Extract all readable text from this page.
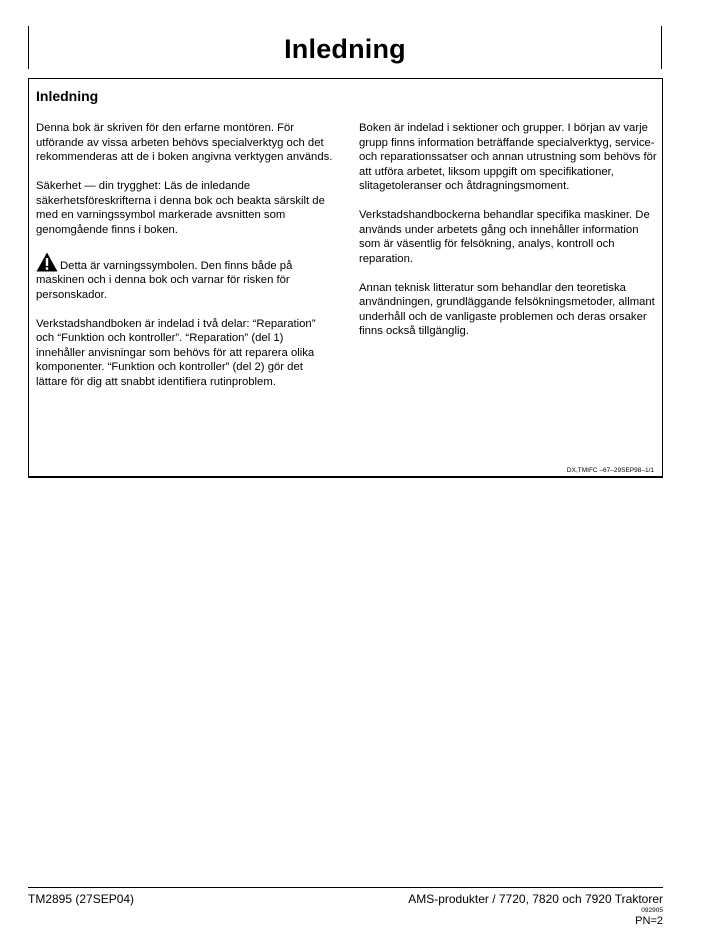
Inledning
Inledning

Denna bok är skriven för den erfarne montören. För utförande av vissa arbeten behövs specialverktyg och det rekommenderas att de i boken angivna verktygen används.

Säkerhet — din trygghet: Läs de inledande säkerhetsföreskrifterna i denna bok och beakta särskilt de med en varningssymbol markerade avsnitten som genomgående finns i boken.

Detta är varningssymbolen. Den finns både på maskinen och i denna bok och varnar för risken för personskador.

Verkstadshandboken är indelad i två delar: “Reparation” och “Funktion och kontroller”. “Reparation” (del 1) innehåller anvisningar som behövs för att reparera olika komponenter. “Funktion och kontroller” (del 2) gör det lättare för dig att snabbt identifiera rutinproblem.

Boken är indelad i sektioner och grupper. I början av varje grupp finns information beträffande specialverktyg, service- och reparationssatser och annan utrustning som behövs för att utföra arbetet, liksom uppgift om specifikationer, slitagetoleranser och åtdragningsmoment.

Verkstadshandbockerna behandlar specifika maskiner. De används under arbetets gång och innehåller information som är väsentlig för felsökning, analys, kontroll och reparation.

Annan teknisk litteratur som behandlar den teoretiska användningen, grundläggande felsökningsmetoder, allmant underhåll och de vanligaste problemen och deras orsaker finns också tillgänglig.

DX,TMIFC –67–29SEP98–1/1
TM2895 (27SEP04)	AMS-produkter / 7720, 7820 och 7920 Traktorer
092905
PN=2
